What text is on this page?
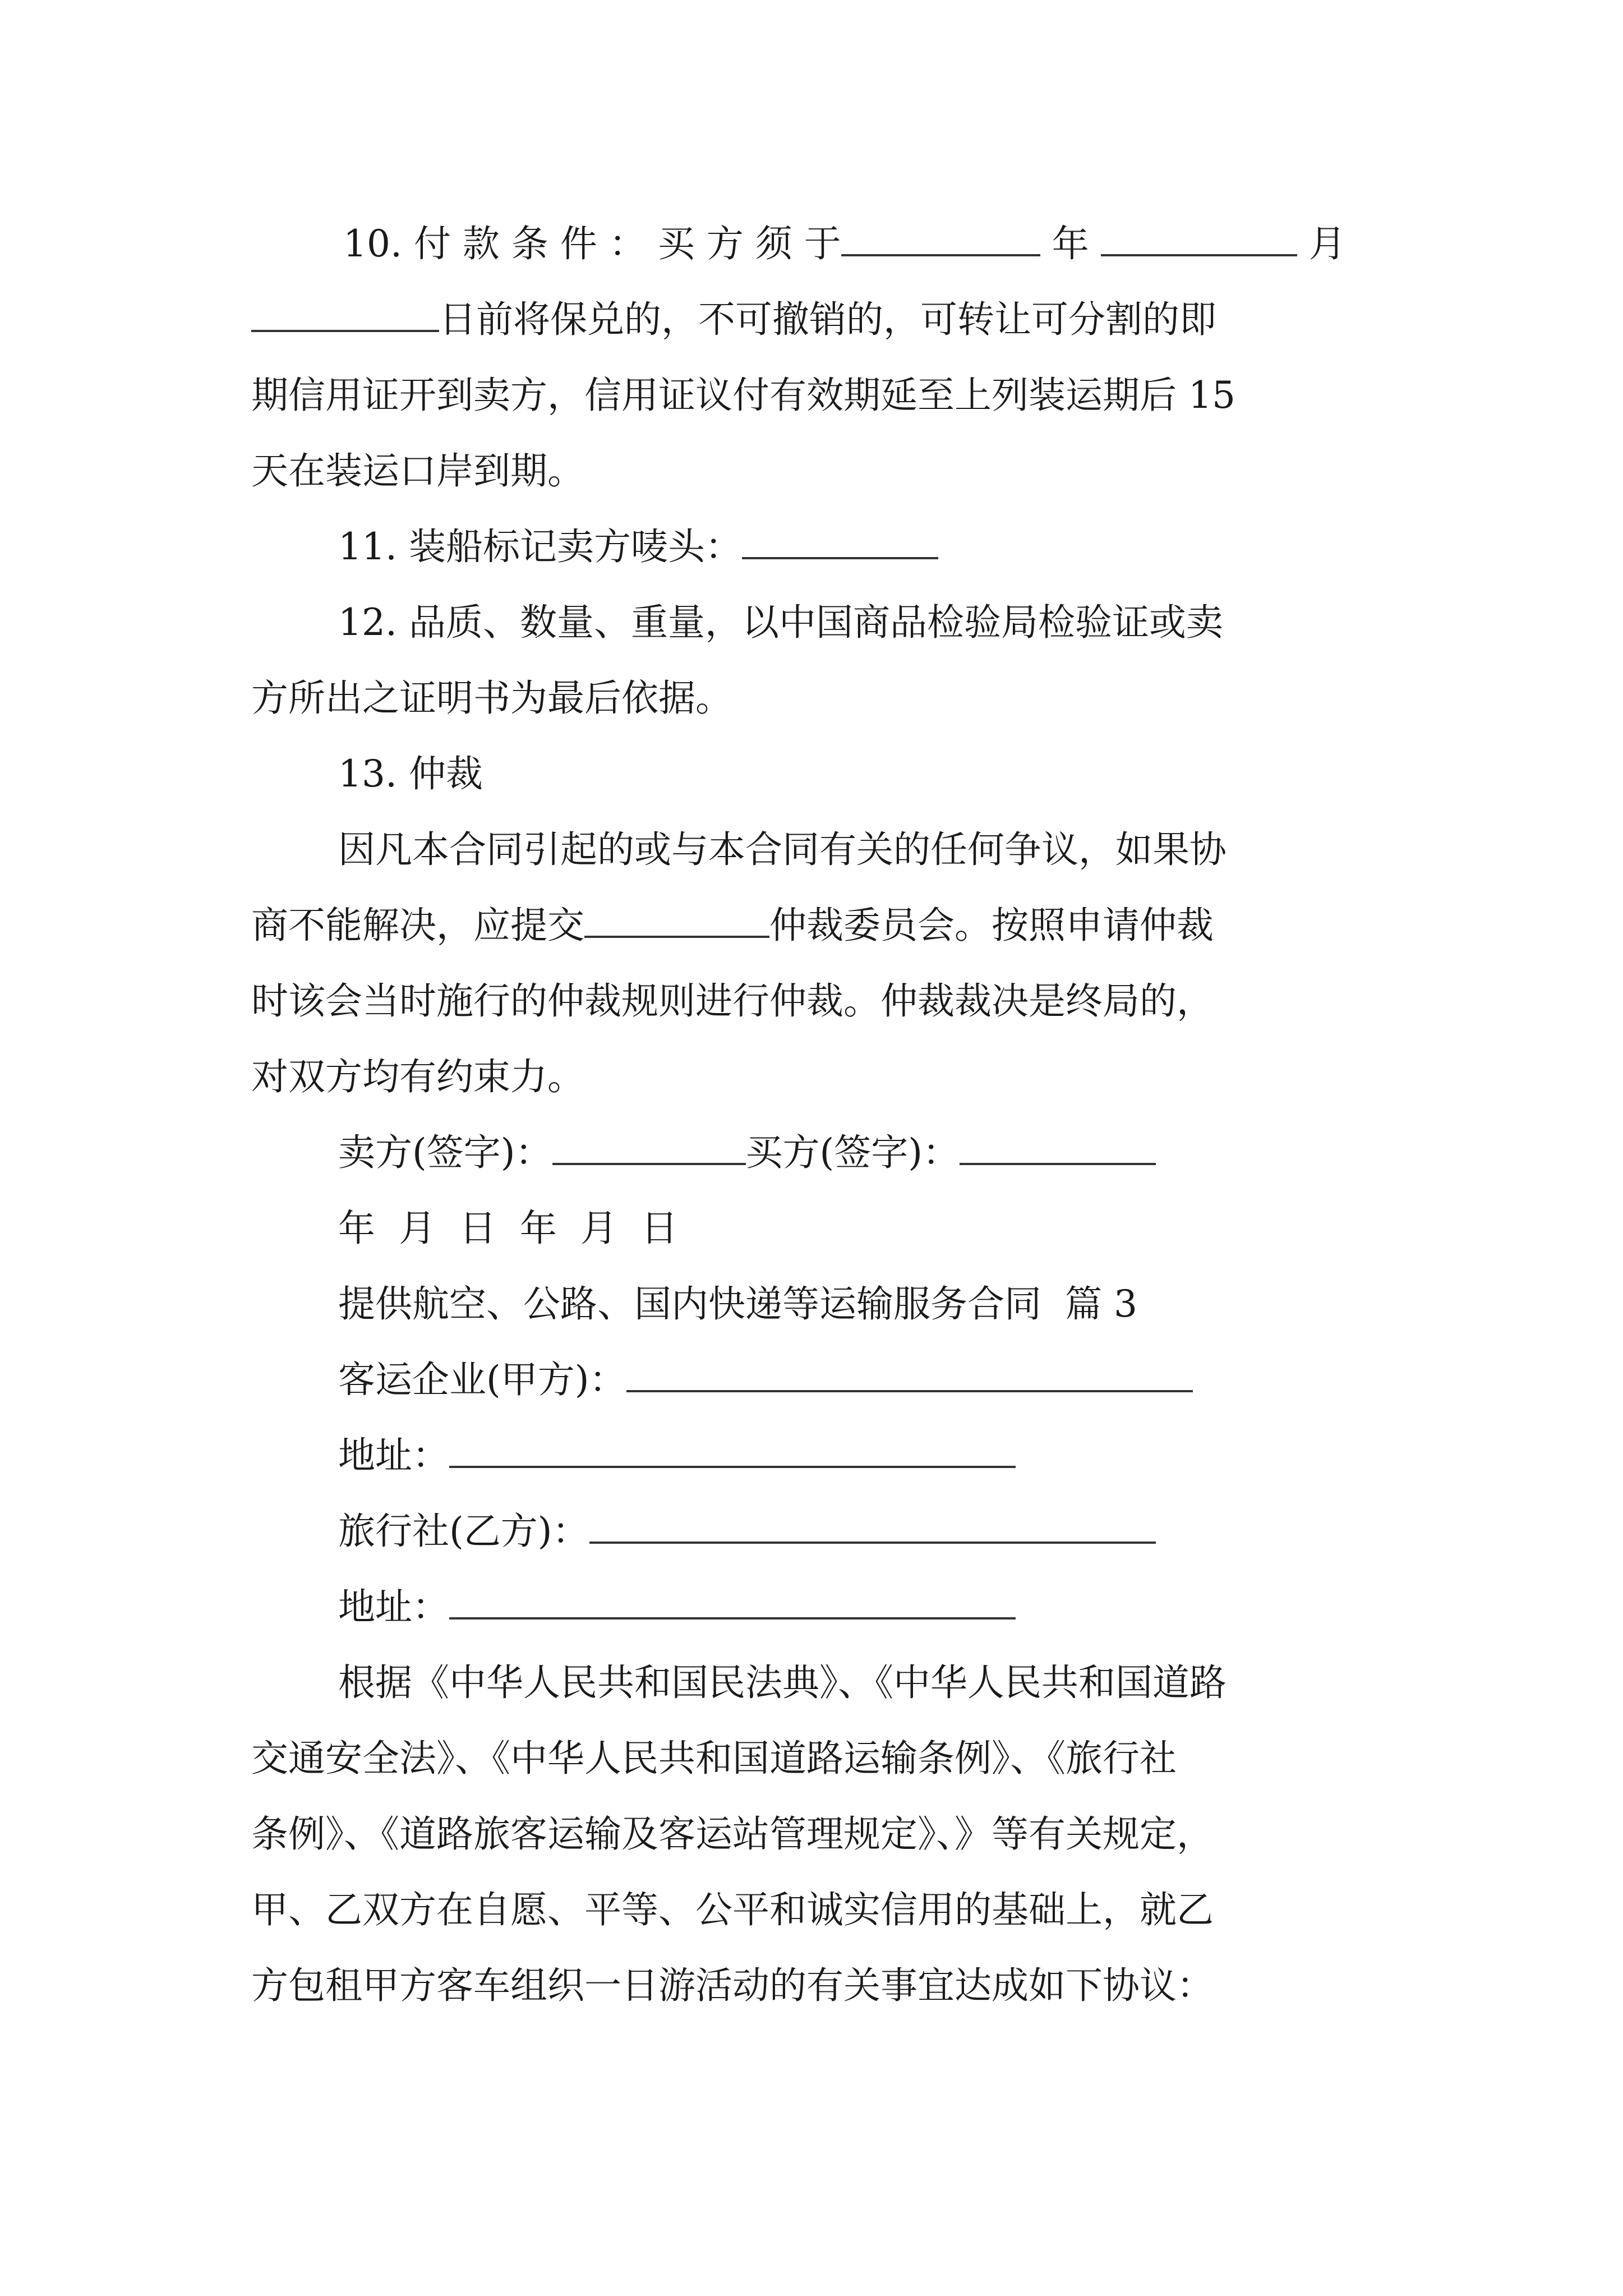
10. 付 款 条 件 ： 买 方 须 于	年	月
日前将保兑的，不可撤销的，可转让可分割的即
期信用证开到卖方，信用证议付有效期延至上列装运期后 15
天在装运口岸到期。
11. 装船标记卖方唛头：
12. 品质、数量、重量，以中国商品检验局检验证或卖
方所出之证明书为最后依据。
13. 仲裁
因凡本合同引起的或与本合同有关的任何争议，如果协
商不能解决，应提交	仲裁委员会。按照申请仲裁
时该会当时施行的仲裁规则进行仲裁。仲裁裁决是终局的，
对双方均有约束力。
卖方(签字)：	买方(签字)：
年  月  日  年  月  日
提供航空、公路、国内快递等运输服务合同  篇 3
客运企业(甲方)：
地址：
旅行社(乙方)：
地址：
根据《中华人民共和国民法典》、《中华人民共和国道路
交通安全法》、《中华人民共和国道路运输条例》、《旅行社
条例》、《道路旅客运输及客运站管理规定》、》等有关规定，
甲、乙双方在自愿、平等、公平和诚实信用的基础上，就乙
方包租甲方客车组织一日游活动的有关事宜达成如下协议：
